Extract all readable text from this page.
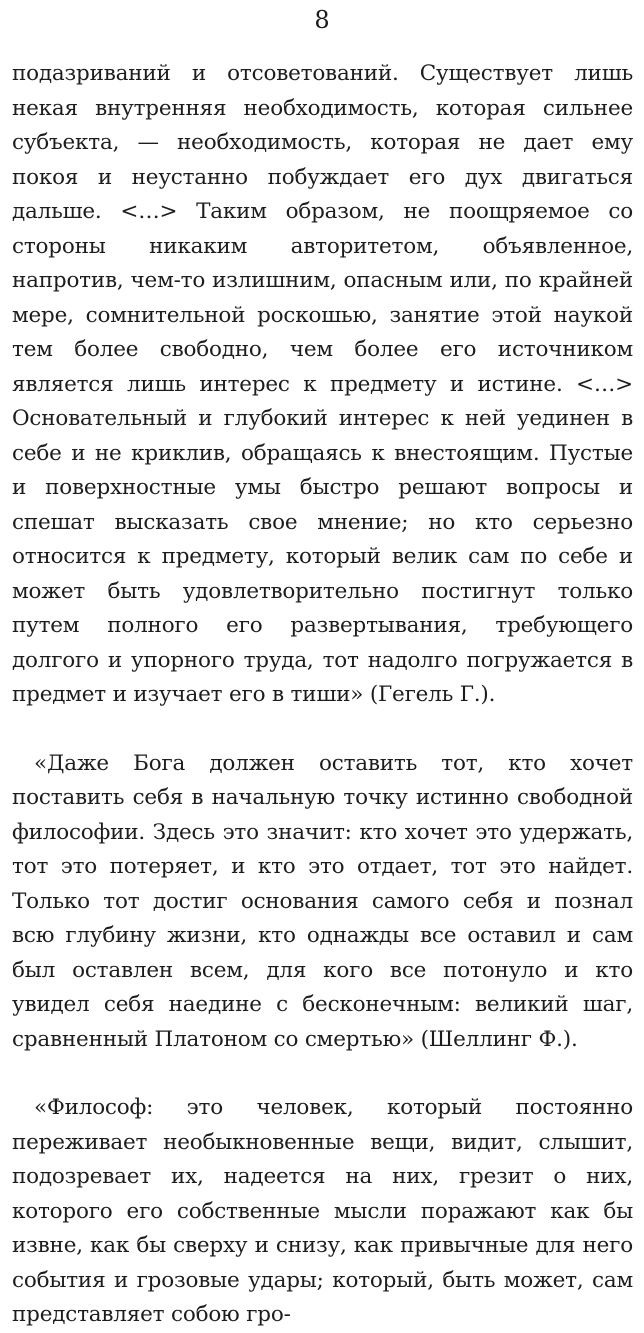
8

подазриваний и отсоветований. Существует лишь некая внутренняя необходимость, которая сильнее субъекта, — необходимость, которая не дает ему покоя и неустанно побуждает его дух двигаться дальше. <…> Таким образом, не поощряемое со стороны никаким авторитетом, объявленное, напротив, чем-то излишним, опасным или, по крайней мере, сомнительной роскошью, занятие этой наукой тем более свободно, чем более его источником является лишь интерес к предмету и истине. <…> Основательный и глубокий интерес к ней уединен в себе и не криклив, обращаясь к внестоящим. Пустые и поверхностные умы быстро решают вопросы и спешат высказать свое мнение; но кто серьезно относится к предмету, который велик сам по себе и может быть удовлетворительно постигнут только путем полного его развертывания, требующего долгого и упорного труда, тот надолго погружается в предмет и изучает его в тиши» (Гегель Г.).

«Даже Бога должен оставить тот, кто хочет поставить себя в начальную точку истинно свободной философии. Здесь это значит: кто хочет это удержать, тот это потеряет, и кто это отдает, тот это найдет. Только тот достиг основания самого себя и познал всю глубину жизни, кто однажды все оставил и сам был оставлен всем, для кого все потонуло и кто увидел себя наедине с бесконечным: великий шаг, сравненный Платоном со смертью» (Шеллинг Ф.).

«Философ: это человек, который постоянно переживает необыкновенные вещи, видит, слышит, подозревает их, надеется на них, грезит о них, которого его собственные мысли поражают как бы извне, как бы сверху и снизу, как привычные для него события и грозовые удары; который, быть может, сам представляет собою гро-
